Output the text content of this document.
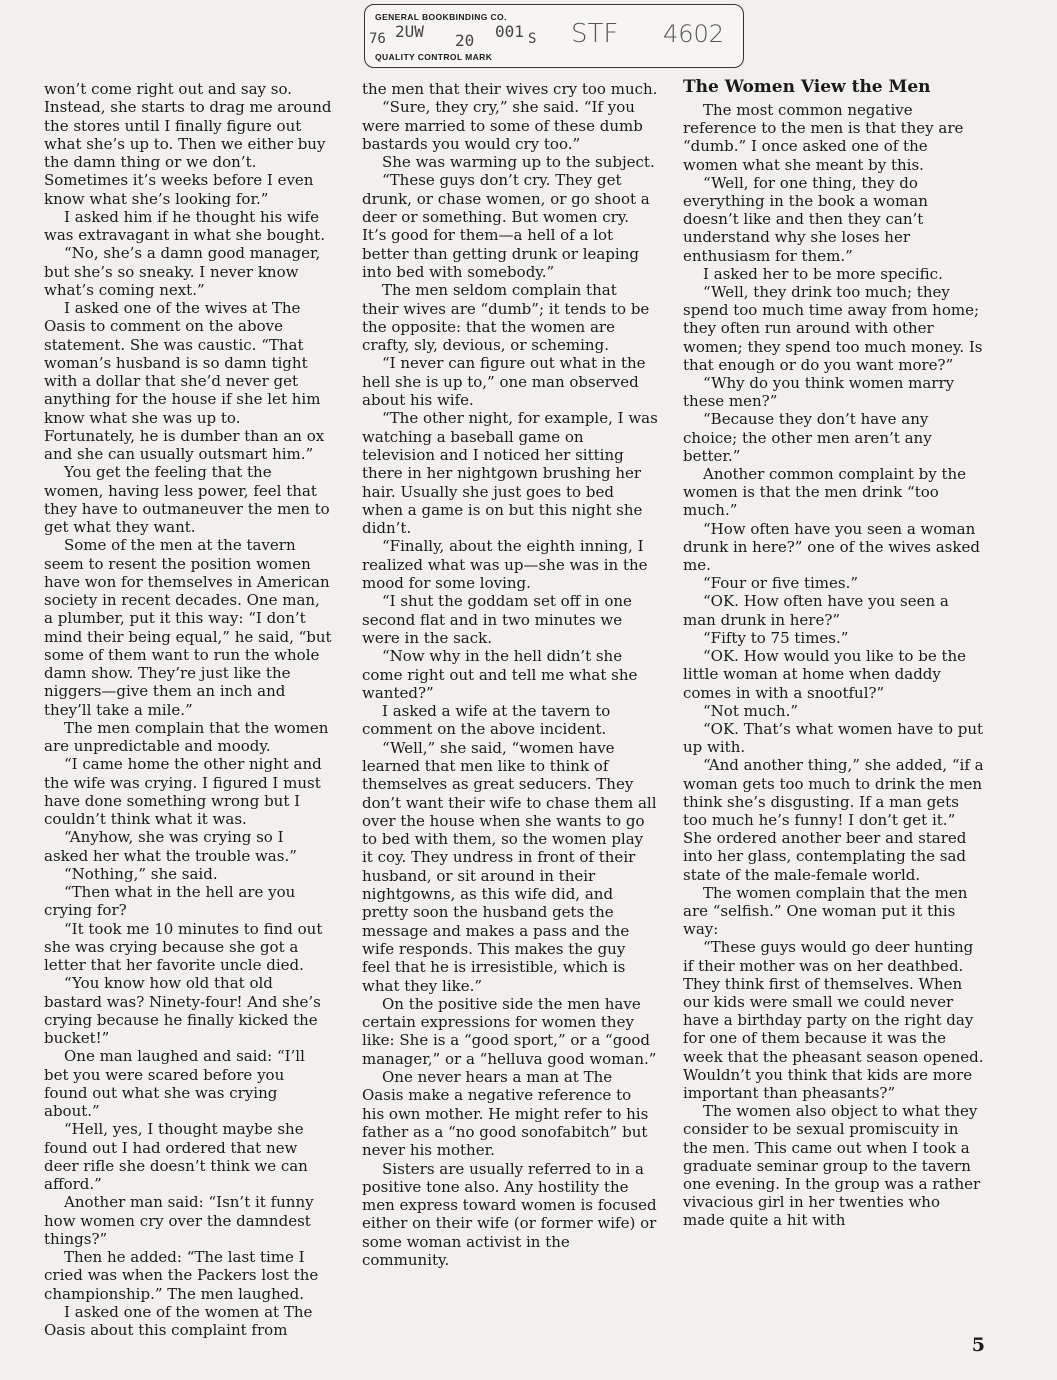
GENERAL BOOKBINDING CO.
76 2UW 20 001 S STF 4602
QUALITY CONTROL MARK

won’t come right out and say so. Instead, she starts to drag me around the stores until I finally figure out what she’s up to. Then we either buy the damn thing or we don’t. Sometimes it’s weeks before I even know what she’s looking for.”

I asked him if he thought his wife was extravagant in what she bought.

“No, she’s a damn good manager, but she’s so sneaky. I never know what’s coming next.”

I asked one of the wives at The Oasis to comment on the above statement. She was caustic. “That woman’s husband is so damn tight with a dollar that she’d never get anything for the house if she let him know what she was up to. Fortunately, he is dumber than an ox and she can usually outsmart him.”

You get the feeling that the women, having less power, feel that they have to outmaneuver the men to get what they want.

Some of the men at the tavern seem to resent the position women have won for themselves in American society in recent decades. One man, a plumber, put it this way: “I don’t mind their being equal,” he said, “but some of them want to run the whole damn show. They’re just like the niggers—give them an inch and they’ll take a mile.”

The men complain that the women are unpredictable and moody.

“I came home the other night and the wife was crying. I figured I must have done something wrong but I couldn’t think what it was.

“Anyhow, she was crying so I asked her what the trouble was.”

“Nothing,” she said.

“Then what in the hell are you crying for?

“It took me 10 minutes to find out she was crying because she got a letter that her favorite uncle died.

“You know how old that old bastard was? Ninety-four! And she’s crying because he finally kicked the bucket!”

One man laughed and said: “I’ll bet you were scared before you found out what she was crying about.”

“Hell, yes, I thought maybe she found out I had ordered that new deer rifle she doesn’t think we can afford.”

Another man said: “Isn’t it funny how women cry over the damndest things?”

Then he added: “The last time I cried was when the Packers lost the championship.” The men laughed.

I asked one of the women at The Oasis about this complaint from

the men that their wives cry too much.

“Sure, they cry,” she said. “If you were married to some of these dumb bastards you would cry too.”

She was warming up to the subject.

“These guys don’t cry. They get drunk, or chase women, or go shoot a deer or something. But women cry. It’s good for them—a hell of a lot better than getting drunk or leaping into bed with somebody.”

The men seldom complain that their wives are “dumb”; it tends to be the opposite: that the women are crafty, sly, devious, or scheming.

“I never can figure out what in the hell she is up to,” one man observed about his wife.

“The other night, for example, I was watching a baseball game on television and I noticed her sitting there in her nightgown brushing her hair. Usually she just goes to bed when a game is on but this night she didn’t.

“Finally, about the eighth inning, I realized what was up—she was in the mood for some loving.

“I shut the goddam set off in one second flat and in two minutes we were in the sack.

“Now why in the hell didn’t she come right out and tell me what she wanted?”

I asked a wife at the tavern to comment on the above incident.

“Well,” she said, “women have learned that men like to think of themselves as great seducers. They don’t want their wife to chase them all over the house when she wants to go to bed with them, so the women play it coy. They undress in front of their husband, or sit around in their nightgowns, as this wife did, and pretty soon the husband gets the message and makes a pass and the wife responds. This makes the guy feel that he is irresistible, which is what they like.”

On the positive side the men have certain expressions for women they like: She is a “good sport,” or a “good manager,” or a “helluva good woman.”

One never hears a man at The Oasis make a negative reference to his own mother. He might refer to his father as a “no good sonofabitch” but never his mother.

Sisters are usually referred to in a positive tone also. Any hostility the men express toward women is focused either on their wife (or former wife) or some woman activist in the community.

The Women View the Men

The most common negative reference to the men is that they are “dumb.” I once asked one of the women what she meant by this.

“Well, for one thing, they do everything in the book a woman doesn’t like and then they can’t understand why she loses her enthusiasm for them.”

I asked her to be more specific.

“Well, they drink too much; they spend too much time away from home; they often run around with other women; they spend too much money. Is that enough or do you want more?”

“Why do you think women marry these men?”

“Because they don’t have any choice; the other men aren’t any better.”

Another common complaint by the women is that the men drink “too much.”

“How often have you seen a woman drunk in here?” one of the wives asked me.

“Four or five times.”

“OK. How often have you seen a man drunk in here?”

“Fifty to 75 times.”

“OK. How would you like to be the little woman at home when daddy comes in with a snootful?”

“Not much.”

“OK. That’s what women have to put up with.

“And another thing,” she added, “if a woman gets too much to drink the men think she’s disgusting. If a man gets too much he’s funny! I don’t get it.” She ordered another beer and stared into her glass, contemplating the sad state of the male-female world.

The women complain that the men are “selfish.” One woman put it this way:

“These guys would go deer hunting if their mother was on her deathbed. They think first of themselves. When our kids were small we could never have a birthday party on the right day for one of them because it was the week that the pheasant season opened. Wouldn’t you think that kids are more important than pheasants?”

The women also object to what they consider to be sexual promiscuity in the men. This came out when I took a graduate seminar group to the tavern one evening. In the group was a rather vivacious girl in her twenties who made quite a hit with

5
